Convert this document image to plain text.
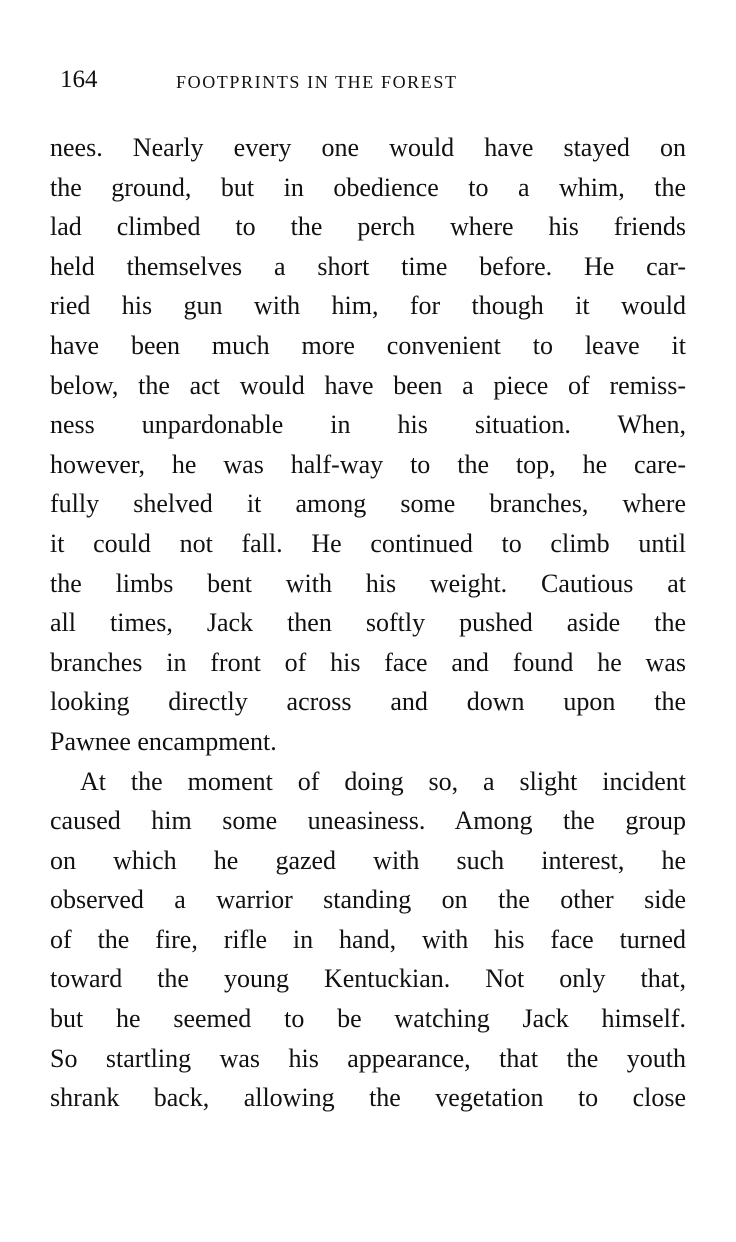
164	FOOTPRINTS IN THE FOREST
nees. Nearly every one would have stayed on
the ground, but in obedience to a whim, the
lad climbed to the perch where his friends
held themselves a short time before. He car-
ried his gun with him, for though it would
have been much more convenient to leave it
below, the act would have been a piece of remiss-
ness unpardonable in his situation. When,
however, he was half-way to the top, he care-
fully shelved it among some branches, where
it could not fall. He continued to climb until
the limbs bent with his weight. Cautious at
all times, Jack then softly pushed aside the
branches in front of his face and found he was
looking directly across and down upon the
Pawnee encampment.
At the moment of doing so, a slight incident
caused him some uneasiness. Among the group
on which he gazed with such interest, he
observed a warrior standing on the other side
of the fire, rifle in hand, with his face turned
toward the young Kentuckian. Not only that,
but he seemed to be watching Jack himself.
So startling was his appearance, that the youth
shrank back, allowing the vegetation to close
